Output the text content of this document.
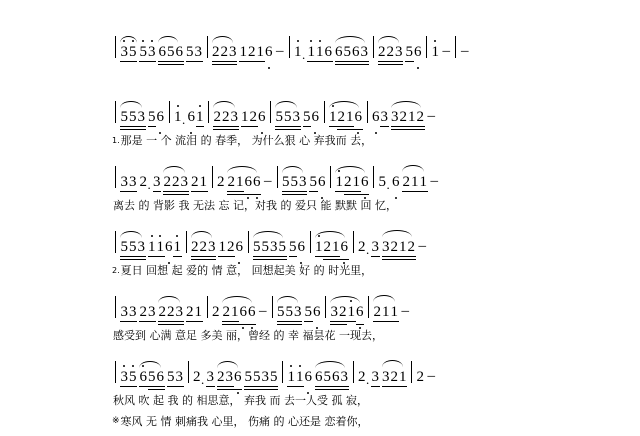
3 5 5 3 6 5 6 5 3 2 2 3 1 2 1 6 – 1 . 1 1 6 6 5 6 3 2 2 3 5 6 1 – –
5 5 3 5 6 1 . 6 1 2 2 3 1 2 6 5 5 3 5 6 1 2 1 6 6 3 3 2 1 2 –
1. 那是 一 个 流泪 的 春季， 为什么狠 心 弃我而 去，
3 3 2 . 3 2 2 3 2 1 2 2 1 6 6 – 5 5 3 5 6 1 2 1 6 5 . 6 2 1 1 –
离去 的 背影 我 无法 忘 记，对我 的 爱只 能 默默 回 忆，
5 5 3 1 1 6 1 2 2 3 1 2 6 5 5 3 5 5 6 1 2 1 6 2 . 3 3 2 1 2 –
2. 夏日 回想 起 爱的 情 意， 回想起美 好 的 时光里，
3 3 2 3 2 2 3 2 1 2 2 1 6 6 – 5 5 3 5 6 3 2 1 6 2 1 1 –
感受到 心满 意足 多美 丽，曾经 的 幸 福昙花 一现去，
3 5 6 5 6 5 3 2 . 3 2 3 6 5 5 3 5 1 1 6 6 5 6 3 2 . 3 3 2 1 2 –
秋风 吹 起 我 的 相思意， 弃我 而 去一人受 孤 寂，
※ 寒风 无 情 刺痛我 心里， 伤痛 的 心还是 恋着你，
